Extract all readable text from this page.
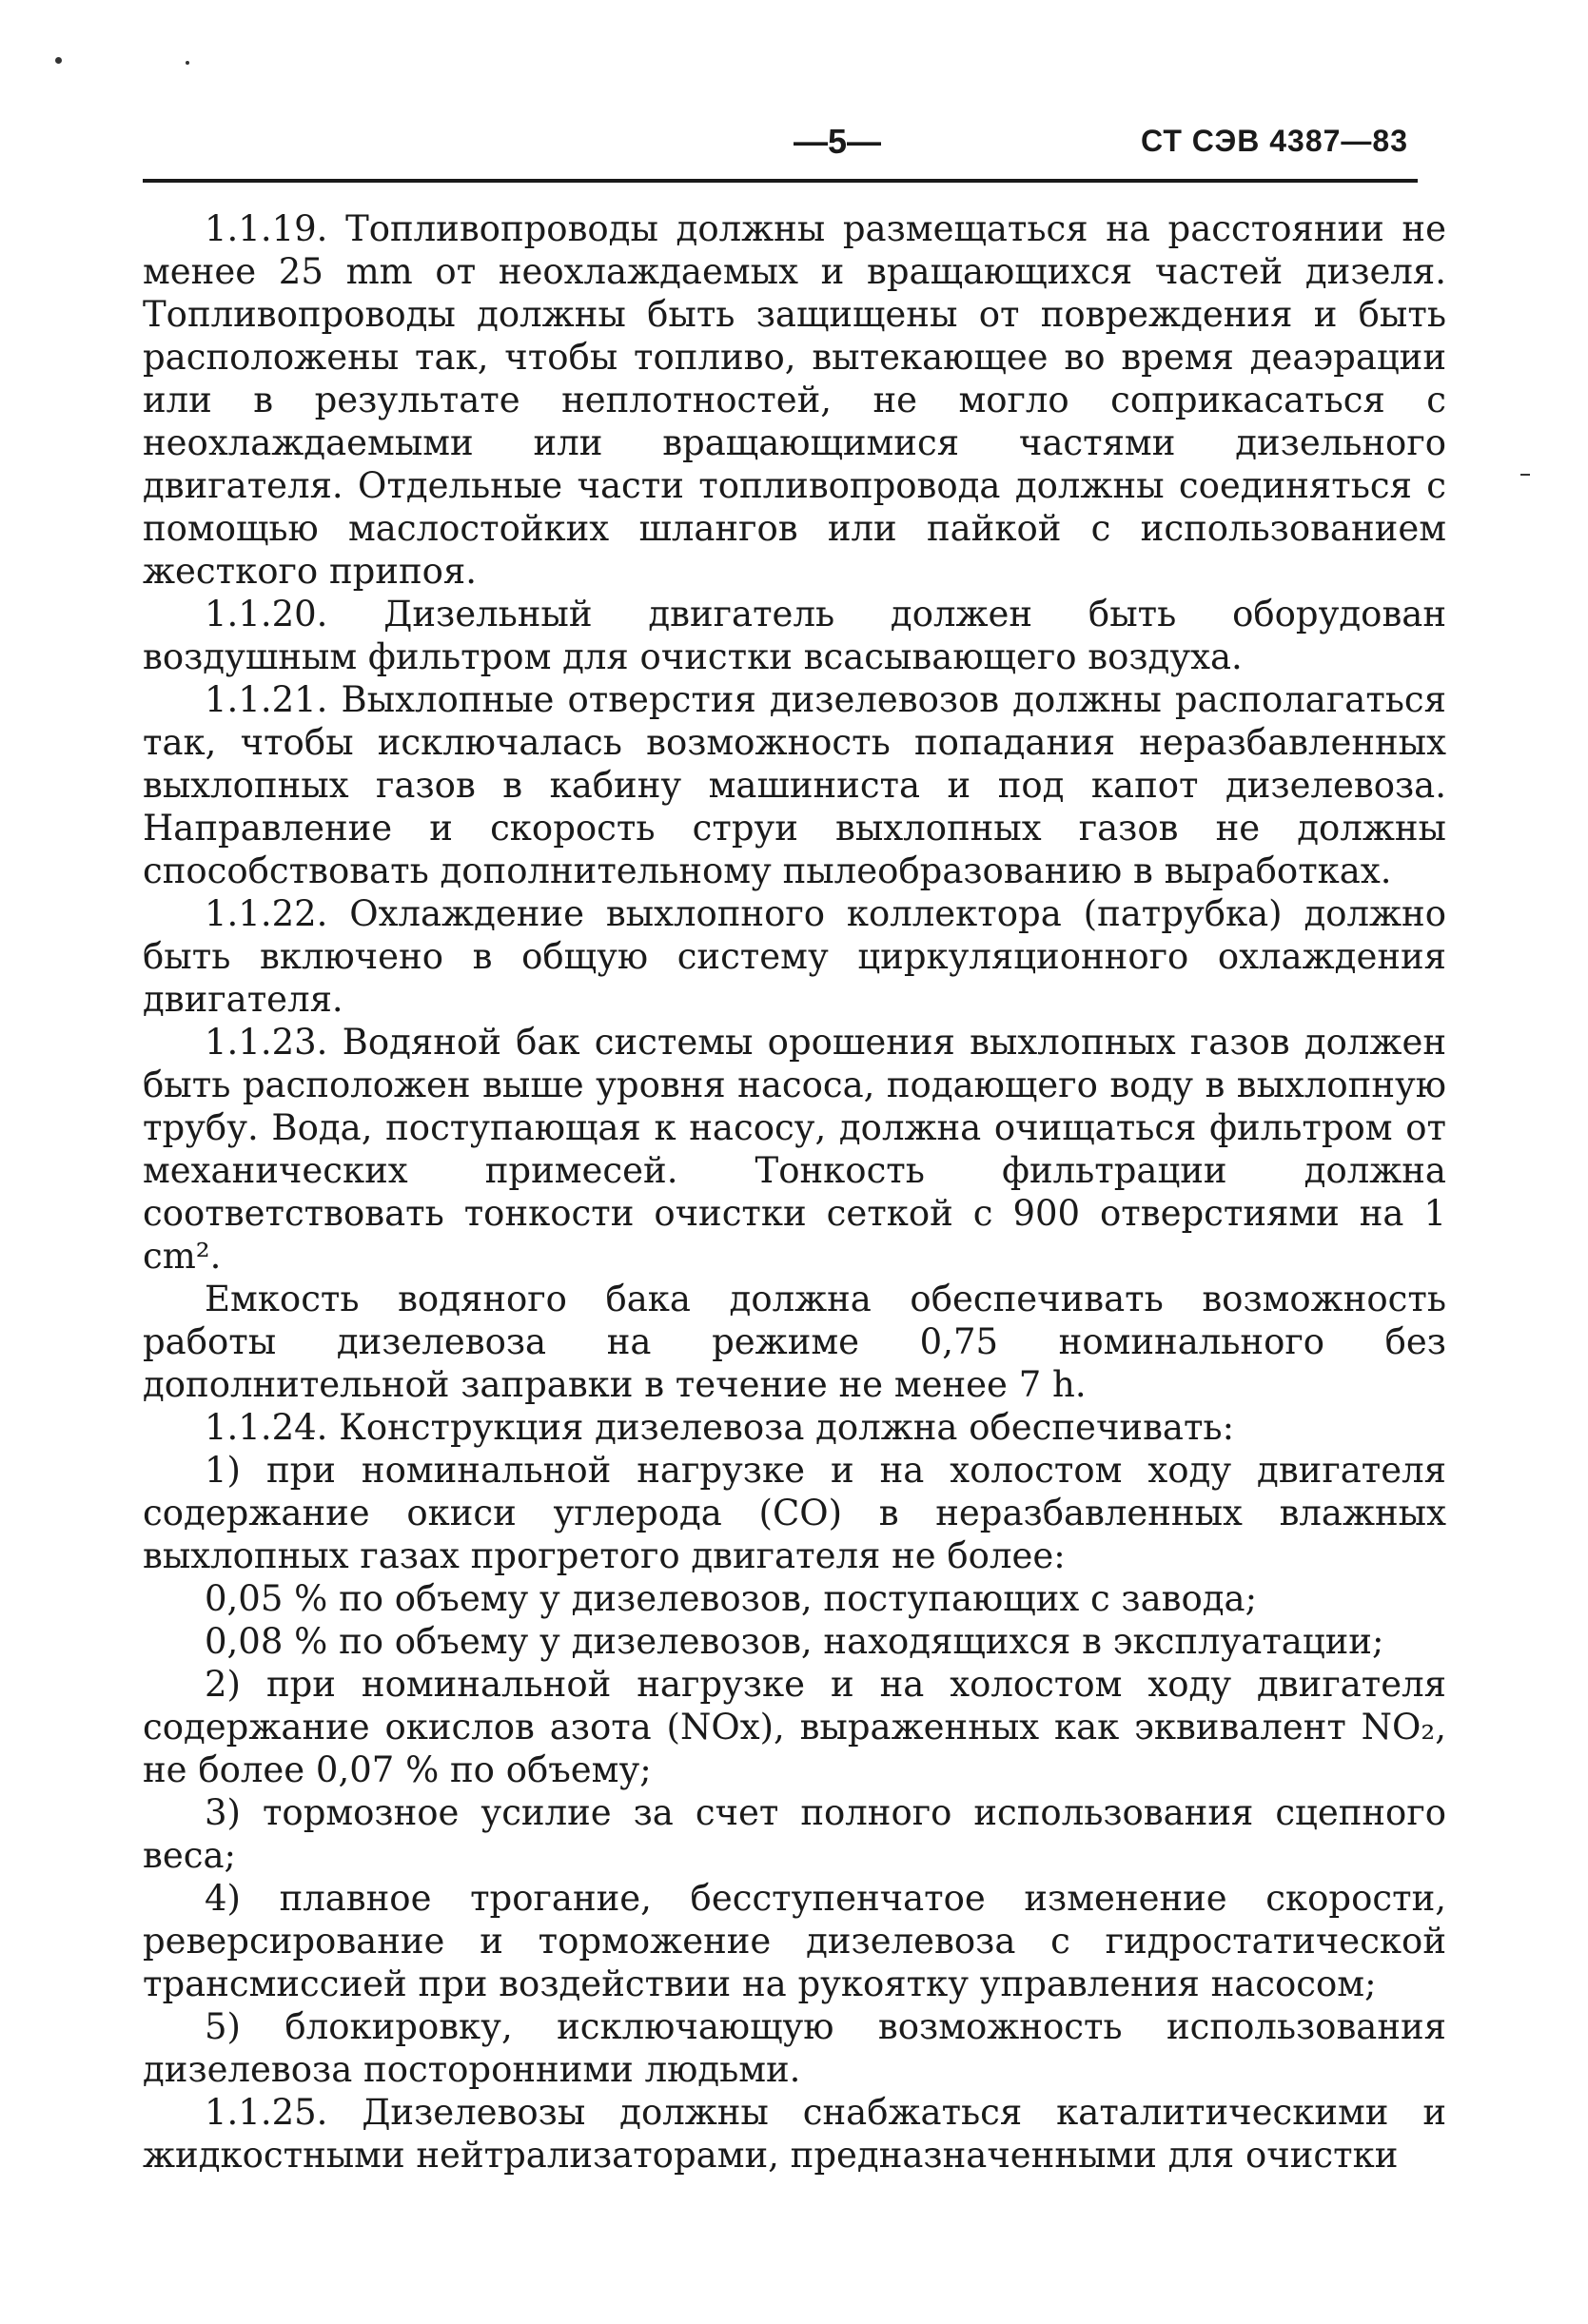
—5—	СТ СЭВ 4387—83

1.1.19. Топливопроводы должны размещаться на расстоянии не менее 25 mm от неохлаждаемых и вращающихся частей дизеля. Топливопроводы должны быть защищены от повреждения и быть расположены так, чтобы топливо, вытекающее во время деаэрации или в результате неплотностей, не могло соприкасаться с неохлаждаемыми или вращающимися частями дизельного двигателя. Отдельные части топливопровода должны соединяться с помощью маслостойких шлангов или пайкой с использованием жесткого припоя.

1.1.20. Дизельный двигатель должен быть оборудован воздушным фильтром для очистки всасывающего воздуха.

1.1.21. Выхлопные отверстия дизелевозов должны располагаться так, чтобы исключалась возможность попадания неразбавленных выхлопных газов в кабину машиниста и под капот дизелевоза. Направление и скорость струи выхлопных газов не должны способствовать дополнительному пылеобразованию в выработках.

1.1.22. Охлаждение выхлопного коллектора (патрубка) должно быть включено в общую систему циркуляционного охлаждения двигателя.

1.1.23. Водяной бак системы орошения выхлопных газов должен быть расположен выше уровня насоса, подающего воду в выхлопную трубу. Вода, поступающая к насосу, должна очищаться фильтром от механических примесей. Тонкость фильтрации должна соответствовать тонкости очистки сеткой с 900 отверстиями на 1 cm².

Емкость водяного бака должна обеспечивать возможность работы дизелевоза на режиме 0,75 номинального без дополнительной заправки в течение не менее 7 h.

1.1.24. Конструкция дизелевоза должна обеспечивать:

1) при номинальной нагрузке и на холостом ходу двигателя содержание окиси углерода (СО) в неразбавленных влажных выхлопных газах прогретого двигателя не более:

0,05 % по объему у дизелевозов, поступающих с завода;

0,08 % по объему у дизелевозов, находящихся в эксплуатации;

2) при номинальной нагрузке и на холостом ходу двигателя содержание окислов азота (NOx), выраженных как эквивалент NO₂, не более 0,07 % по объему;

3) тормозное усилие за счет полного использования сцепного веса;

4) плавное трогание, бесступенчатое изменение скорости, реверсирование и торможение дизелевоза с гидростатической трансмиссией при воздействии на рукоятку управления насосом;

5) блокировку, исключающую возможность использования дизелевоза посторонними людьми.

1.1.25. Дизелевозы должны снабжаться каталитическими и жидкостными нейтрализаторами, предназначенными для очистки
